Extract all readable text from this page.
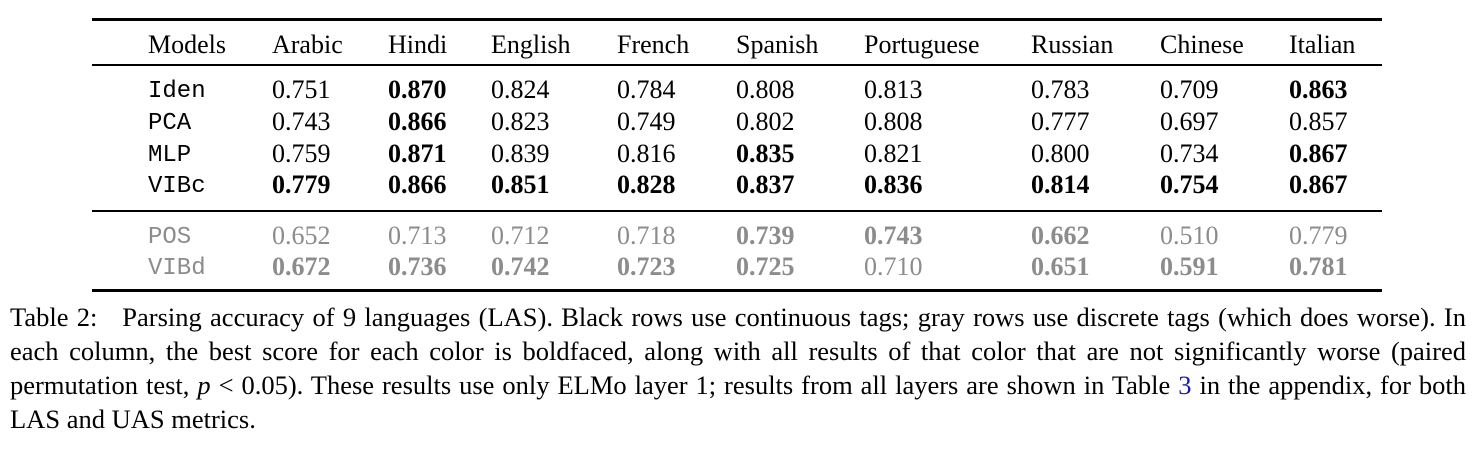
Models Arabic Hindi English French Spanish Portuguese Russian Chinese Italian
Iden	0.751 0.870 0.824	0.784 0.808	0.813	0.783	0.709	0.863
PCA	0.743 0.866 0.823	0.749 0.802	0.808	0.777	0.697	0.857
MLP	0.759 0.871 0.839	0.816 0.835	0.821	0.800	0.734	0.867
VIBc	0.779 0.866 0.851	0.828 0.837	0.836	0.814	0.754	0.867
POS	0.652 0.713 0.712	0.718 0.739	0.743	0.662	0.510	0.779
VIBd	0.672 0.736 0.742	0.723 0.725	0.710	0.651	0.591	0.781
Table 2: Parsing accuracy of 9 languages (LAS). Black rows use continuous tags; gray rows use discrete tags (which does worse). In each column, the best score for each color is boldfaced, along with all results of that color that are not significantly worse (paired permutation test, p < 0.05). These results use only ELMo layer 1; results from all layers are shown in Table 3 in the appendix, for both LAS and UAS metrics.
